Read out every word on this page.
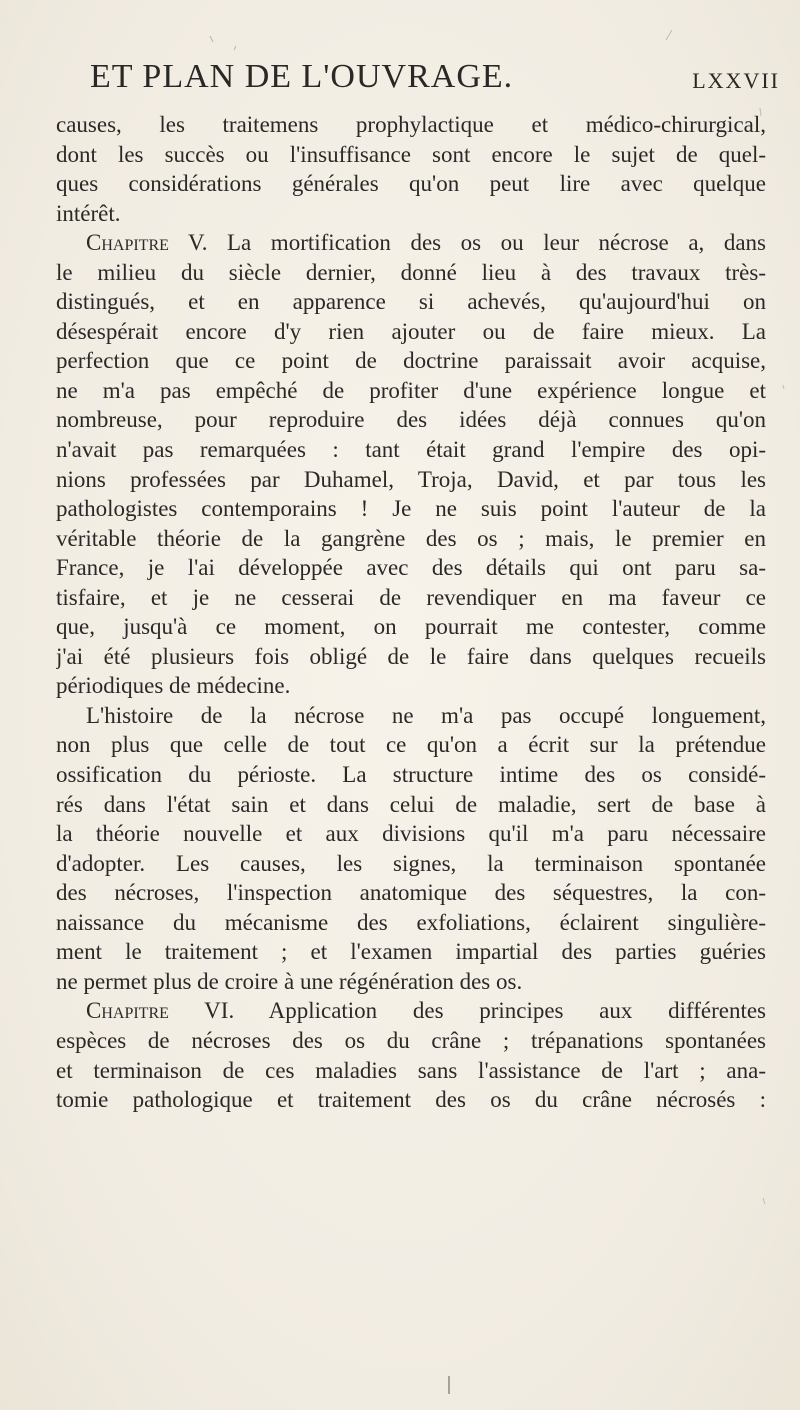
ET PLAN DE L'OUVRAGE.	LXXVII
causes, les traitemens prophylactique et médico-chirurgical,
dont les succès ou l'insuffisance sont encore le sujet de quel-
ques considérations générales qu'on peut lire avec quelque
intérêt.
Chapitre V. La mortification des os ou leur nécrose a, dans
le milieu du siècle dernier, donné lieu à des travaux très-
distingués, et en apparence si achevés, qu'aujourd'hui on
désespérait encore d'y rien ajouter ou de faire mieux. La
perfection que ce point de doctrine paraissait avoir acquise,
ne m'a pas empêché de profiter d'une expérience longue et
nombreuse, pour reproduire des idées déjà connues qu'on
n'avait pas remarquées : tant était grand l'empire des opi-
nions professées par Duhamel, Troja, David, et par tous les
pathologistes contemporains ! Je ne suis point l'auteur de la
véritable théorie de la gangrène des os ; mais, le premier en
France, je l'ai développée avec des détails qui ont paru sa-
tisfaire, et je ne cesserai de revendiquer en ma faveur ce
que, jusqu'à ce moment, on pourrait me contester, comme
j'ai été plusieurs fois obligé de le faire dans quelques recueils
périodiques de médecine.
L'histoire de la nécrose ne m'a pas occupé longuement,
non plus que celle de tout ce qu'on a écrit sur la prétendue
ossification du périoste. La structure intime des os considé-
rés dans l'état sain et dans celui de maladie, sert de base à
la théorie nouvelle et aux divisions qu'il m'a paru nécessaire
d'adopter. Les causes, les signes, la terminaison spontanée
des nécroses, l'inspection anatomique des séquestres, la con-
naissance du mécanisme des exfoliations, éclairent singulière-
ment le traitement ; et l'examen impartial des parties guéries
ne permet plus de croire à une régénération des os.
Chapitre VI. Application des principes aux différentes
espèces de nécroses des os du crâne ; trépanations spontanées
et terminaison de ces maladies sans l'assistance de l'art ; ana-
tomie pathologique et traitement des os du crâne nécrosés :
